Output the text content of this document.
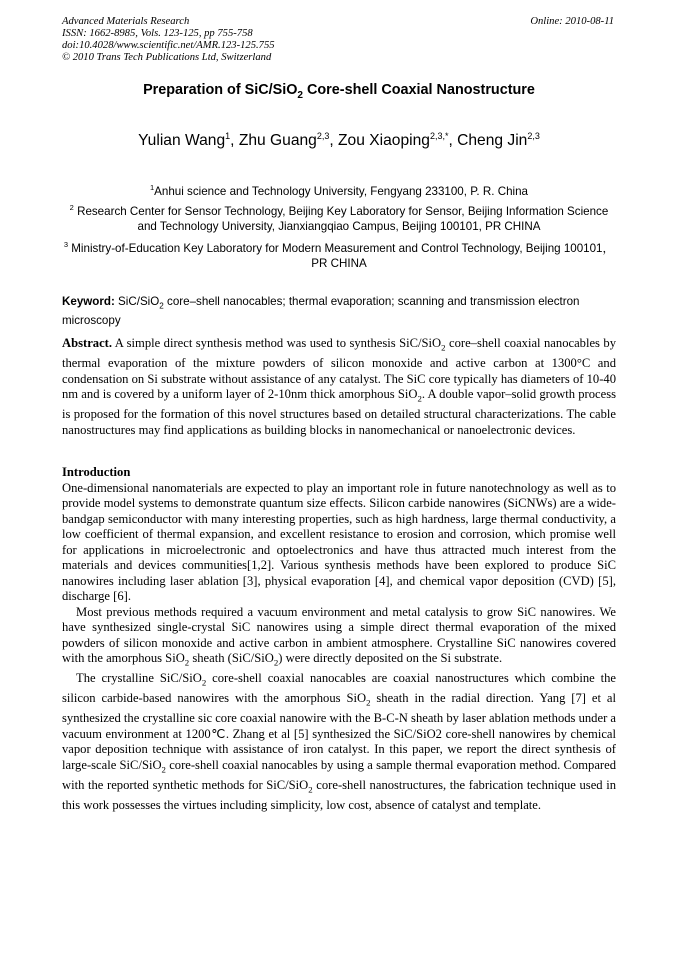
Advanced Materials Research
ISSN: 1662-8985, Vols. 123-125, pp 755-758
doi:10.4028/www.scientific.net/AMR.123-125.755
© 2010 Trans Tech Publications Ltd, Switzerland
Online: 2010-08-11
Preparation of SiC/SiO$_2$ Core-shell Coaxial Nanostructure
Yulian Wang$^1$, Zhu Guang$^{2,3}$, Zou Xiaoping$^{2,3,*}$, Cheng Jin$^{2,3}$
$^1$Anhui science and Technology University, Fengyang 233100, P. R. China
$^2$ Research Center for Sensor Technology, Beijing Key Laboratory for Sensor, Beijing Information Science and Technology University, Jianxiangqiao Campus, Beijing 100101, PR CHINA
$^3$ Ministry-of-Education Key Laboratory for Modern Measurement and Control Technology, Beijing 100101，PR CHINA
Keyword: SiC/SiO$_2$ core–shell nanocables; thermal evaporation; scanning and transmission electron microscopy

Abstract. A simple direct synthesis method was used to synthesis SiC/SiO$_2$ core–shell coaxial nanocables by thermal evaporation of the mixture powders of silicon monoxide and active carbon at 1300°C and condensation on Si substrate without assistance of any catalyst. The SiC core typically has diameters of 10-40 nm and is covered by a uniform layer of 2-10nm thick amorphous SiO$_2$. A double vapor–solid growth process is proposed for the formation of this novel structures based on detailed structural characterizations. The cable nanostructures may find applications as building blocks in nanomechanical or nanoelectronic devices.

Introduction

One-dimensional nanomaterials are expected to play an important role in future nanotechnology as well as to provide model systems to demonstrate quantum size effects. Silicon carbide nanowires (SiCNWs) are a wide-bandgap semiconductor with many interesting properties, such as high hardness, large thermal conductivity, a low coefficient of thermal expansion, and excellent resistance to erosion and corrosion, which promise well for applications in microelectronic and optoelectronics and have thus attracted much interest from the materials and devices communities[1,2]. Various synthesis methods have been explored to produce SiC nanowires including laser ablation [3], physical evaporation [4], and chemical vapor deposition (CVD) [5], discharge [6].

Most previous methods required a vacuum environment and metal catalysis to grow SiC nanowires. We have synthesized single-crystal SiC nanowires using a simple direct thermal evaporation of the mixed powders of silicon monoxide and active carbon in ambient atmosphere. Crystalline SiC nanowires covered with the amorphous SiO$_2$ sheath (SiC/SiO$_2$) were directly deposited on the Si substrate.

The crystalline SiC/SiO$_2$ core-shell coaxial nanocables are coaxial nanostructures which combine the silicon carbide-based nanowires with the amorphous SiO$_2$ sheath in the radial direction. Yang [7] et al synthesized the crystalline sic core coaxial nanowire with the B-C-N sheath by laser ablation methods under a vacuum environment at 1200℃. Zhang et al [5] synthesized the SiC/SiO2 core-shell nanowires by chemical vapor deposition technique with assistance of iron catalyst. In this paper, we report the direct synthesis of large-scale SiC/SiO$_2$ core-shell coaxial nanocables by using a sample thermal evaporation method. Compared with the reported synthetic methods for SiC/SiO$_2$ core-shell nanostructures, the fabrication technique used in this work possesses the virtues including simplicity, low cost, absence of catalyst and template.
